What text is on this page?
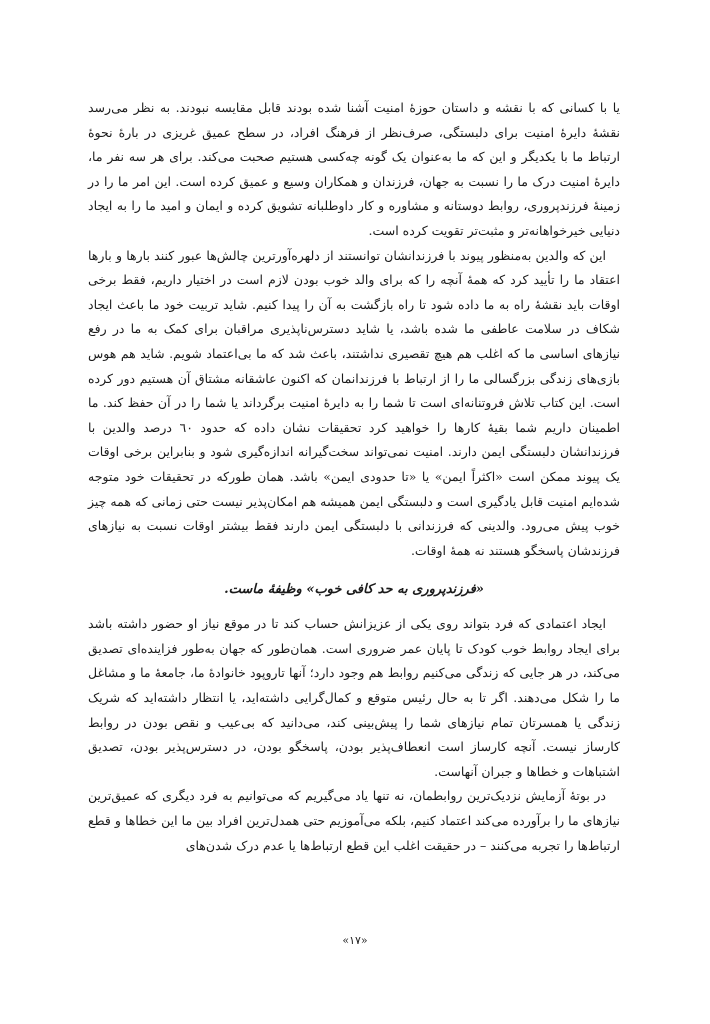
یا با کسانی که با نقشه و داستان حوزۀ امنیت آشنا شده بودند قابل مقایسه نبودند. به نظر می‌رسد نقشۀ دایرۀ امنیت برای دلبستگی، صرف‌نظر از فرهنگ افراد، در سطح عمیق غریزی در بارۀ نحوۀ ارتباط ما با یکدیگر و این که ما به‌عنوان یک گونه چه‌کسی هستیم صحبت می‌کند. برای هر سه نفر ما، دایرۀ امنیت درک ما را نسبت به جهان، فرزندان و همکاران وسیع و عمیق کرده است. این امر ما را در زمینۀ فرزندپروری، روابط دوستانه و مشاوره و کار داوطلبانه تشویق کرده و ایمان و امید ما را به ایجاد دنیایی خیرخواهانه‌تر و مثبت‌تر تقویت کرده است.

این که والدین به‌منظور پیوند با فرزندانشان توانستند از دلهره‌آورترین چالش‌ها عبور کنند بارها و بارها اعتقاد ما را تأیید کرد که همۀ آنچه را که برای والد خوب بودن لازم است در اختیار داریم، فقط برخی اوقات باید نقشۀ راه به ما داده شود تا راه بازگشت به آن را پیدا کنیم. شاید تربیت خود ما باعث ایجاد شکاف در سلامت عاطفی ما شده باشد، یا شاید دسترس‌ناپذیری مراقبان برای کمک به ما در رفع نیازهای اساسی ما که اغلب هم هیچ تقصیری نداشتند، باعث شد که ما بی‌اعتماد شویم. شاید هم هوس بازی‌های زندگی بزرگسالی ما را از ارتباط با فرزندانمان که اکنون عاشقانه مشتاق آن هستیم دور کرده است. این کتاب تلاش فروتنانه‌ای است تا شما را به دایرۀ امنیت برگرداند یا شما را در آن حفظ کند. ما اطمینان داریم شما بقیۀ کارها را خواهید کرد تحقیقات نشان داده که حدود ٦٠ درصد والدین با فرزندانشان دلبستگی ایمن دارند. امنیت نمی‌تواند سخت‌گیرانه اندازه‌گیری شود و بنابراین برخی اوقات یک پیوند ممکن است «اکثراً ایمن» یا «تا حدودی ایمن» باشد. همان طورکه در تحقیقات خود متوجه شده‌ایم امنیت قابل یادگیری است و دلبستگی ایمن همیشه هم امکان‌پذیر نیست حتی زمانی که همه چیز خوب پیش می‌رود. والدینی که فرزندانی با دلبستگی ایمن دارند فقط بیشتر اوقات نسبت به نیازهای فرزندشان پاسخگو هستند نه همۀ اوقات.

«فرزندپروری به حد کافی خوب» وظیفۀ ماست.

ایجاد اعتمادی که فرد بتواند روی یکی از عزیزانش حساب کند تا در موقع نیاز او حضور داشته باشد برای ایجاد روابط خوب کودک تا پایان عمر ضروری است. همان‌طور که جهان به‌طور فزاینده‌ای تصدیق می‌کند، در هر جایی که زندگی می‌کنیم روابط هم وجود دارد؛ آنها تارو‌پود خانوادۀ ما، جامعۀ ما و مشاغل ما را شکل می‌دهند. اگر تا به حال رئیس متوقع و کمال‌گرایی داشته‌اید، یا انتظار داشته‌اید که شریک زندگی یا همسرتان تمام نیازهای شما را پیش‌بینی کند، می‌دانید که بی‌عیب و نقص بودن در روابط کارساز نیست. آنچه کارساز است انعطاف‌پذیر بودن، پاسخگو بودن، در دسترس‌پذیر بودن، تصدیق اشتباهات و خطاها و جبران آنهاست.

در بوتۀ آزمایش نزدیک‌ترین روابطمان، نه تنها یاد می‌گیریم که می‌توانیم به فرد دیگری که عمیق‌ترین نیازهای ما را برآورده می‌کند اعتماد کنیم، بلکه می‌آموزیم حتی همدل‌ترین افراد بین ما این خطاها و قطع ارتباط‌ها را تجربه می‌کنند – در حقیقت اغلب این قطع ارتباط‌ها یا عدم درک شدن‌های

«١٧»
